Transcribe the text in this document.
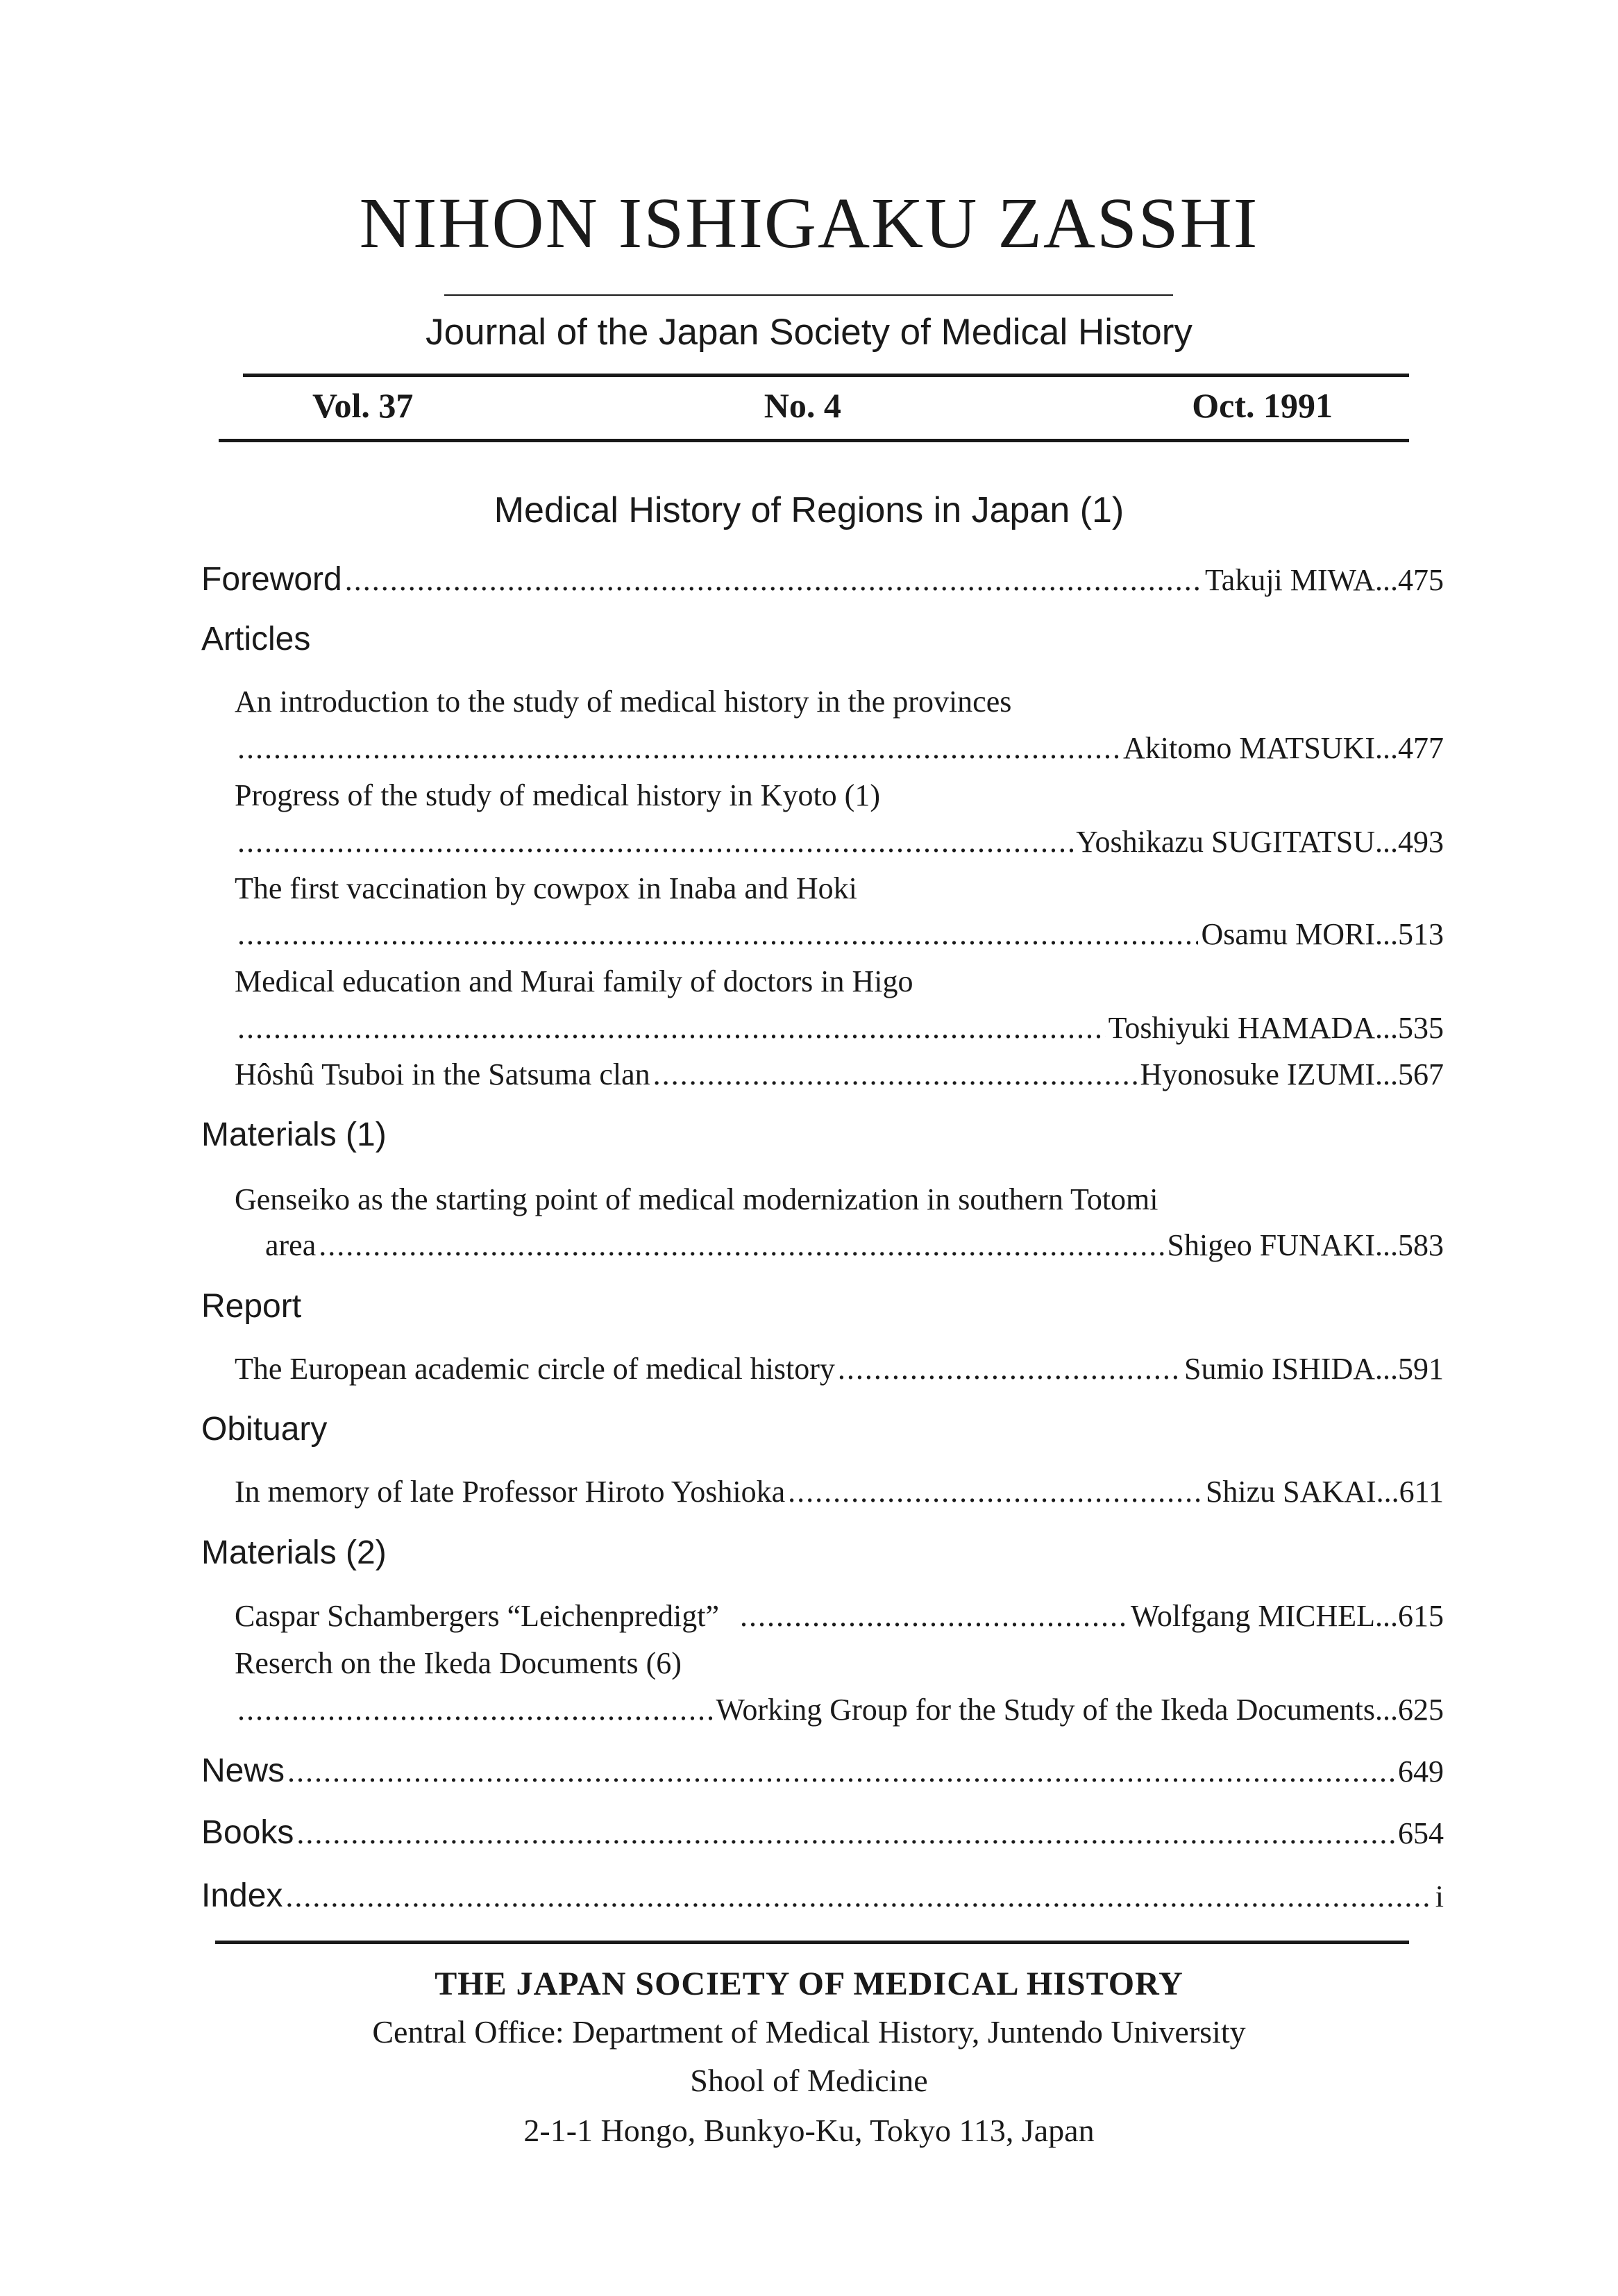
NIHON ISHIGAKU ZASSHI
Journal of the Japan Society of Medical History
Vol. 37	No. 4	Oct. 1991
Medical History of Regions in Japan (1)
Foreword .....	Takuji MIWA ... 475
Articles
An introduction to the study of medical history in the provinces
.....
Akitomo MATSUKI ... 477
Progress of the study of medical history in Kyoto (1)
.....
Yoshikazu SUGITATSU ... 493
The first vaccination by cowpox in Inaba and Hoki
.....
Osamu MORI ... 513
Medical education and Murai family of doctors in Higo
.....
Toshiyuki HAMADA ... 535
Hôshû Tsuboi in the Satsuma clan .....	Hyonosuke IZUMI ... 567
Materials (1)
Genseiko as the starting point of medical modernization in southern Totomi
area .....	Shigeo FUNAKI ... 583
Report
The European academic circle of medical history .....	Sumio ISHIDA ... 591
Obituary
In memory of late Professor Hiroto Yoshioka .....	Shizu SAKAI ... 611
Materials (2)
Caspar Schambergers “Leichenpredigt” .....	Wolfgang MICHEL ... 615
Reserch on the Ikeda Documents (6)
.....
Working Group for the Study of the Ikeda Documents ... 625
News .....	649
Books .....	654
Index .....	i
THE JAPAN SOCIETY OF MEDICAL HISTORY
Central Office: Department of Medical History, Juntendo University
Shool of Medicine
2-1-1 Hongo, Bunkyo-Ku, Tokyo 113, Japan
